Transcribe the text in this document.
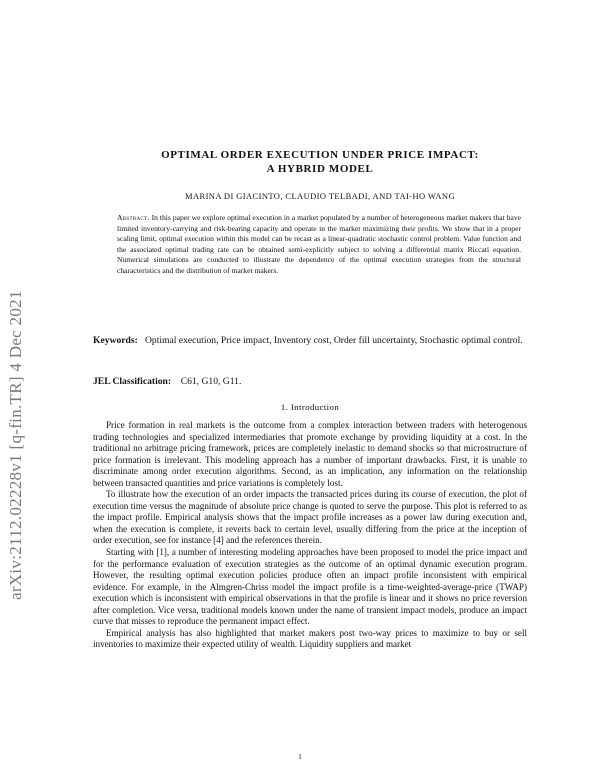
arXiv:2112.02228v1 [q-fin.TR] 4 Dec 2021
OPTIMAL ORDER EXECUTION UNDER PRICE IMPACT:
A HYBRID MODEL
MARINA DI GIACINTO, CLAUDIO TELBADI, AND TAI-HO WANG
Abstract. In this paper we explore optimal execution in a market populated by a number of heterogeneous market makers that have limited inventory-carrying and risk-bearing capacity and operate in the market maximizing their profits. We show that in a proper scaling limit, optimal execution within this model can be recast as a linear-quadratic stochastic control problem. Value function and the associated optimal trading rate can be obtained semi-explicitly subject to solving a differential matrix Riccati equation. Numerical simulations are conducted to illustrate the dependence of the optimal execution strategies from the structural characteristics and the distribution of market makers.
Keywords: Optimal execution, Price impact, Inventory cost, Order fill uncertainty, Stochastic optimal control.
JEL Classification: C61, G10, G11.
1. Introduction

Price formation in real markets is the outcome from a complex interaction between traders with heterogenous trading technologies and specialized intermediaries that promote exchange by providing liquidity at a cost. In the traditional no arbitrage pricing framework, prices are completely inelastic to demand shocks so that microstructure of price formation is irrelevant. This modeling approach has a number of important drawbacks. First, it is unable to discriminate among order execution algorithms. Second, as an implication, any information on the relationship between transacted quantities and price variations is completely lost.

To illustrate how the execution of an order impacts the transacted prices during its course of execution, the plot of execution time versus the magnitude of absolute price change is quoted to serve the purpose. This plot is referred to as the impact profile. Empirical analysis shows that the impact profile increases as a power law during execution and, when the execution is complete, it reverts back to certain level, usually differing from the price at the inception of order execution, see for instance [4] and the references therein.

Starting with [1], a number of interesting modeling approaches have been proposed to model the price impact and for the performance evaluation of execution strategies as the outcome of an optimal dynamic execution program. However, the resulting optimal execution policies produce often an impact profile inconsistent with empirical evidence. For example, in the Almgren-Chriss model the impact profile is a time-weighted-average-price (TWAP) execution which is inconsistent with empirical observations in that the profile is linear and it shows no price reversion after completion. Vice versa, traditional models known under the name of transient impact models, produce an impact curve that misses to reproduce the permanent impact effect.

Empirical analysis has also highlighted that market makers post two-way prices to maximize to buy or sell inventories to maximize their expected utility of wealth. Liquidity suppliers and market

1
